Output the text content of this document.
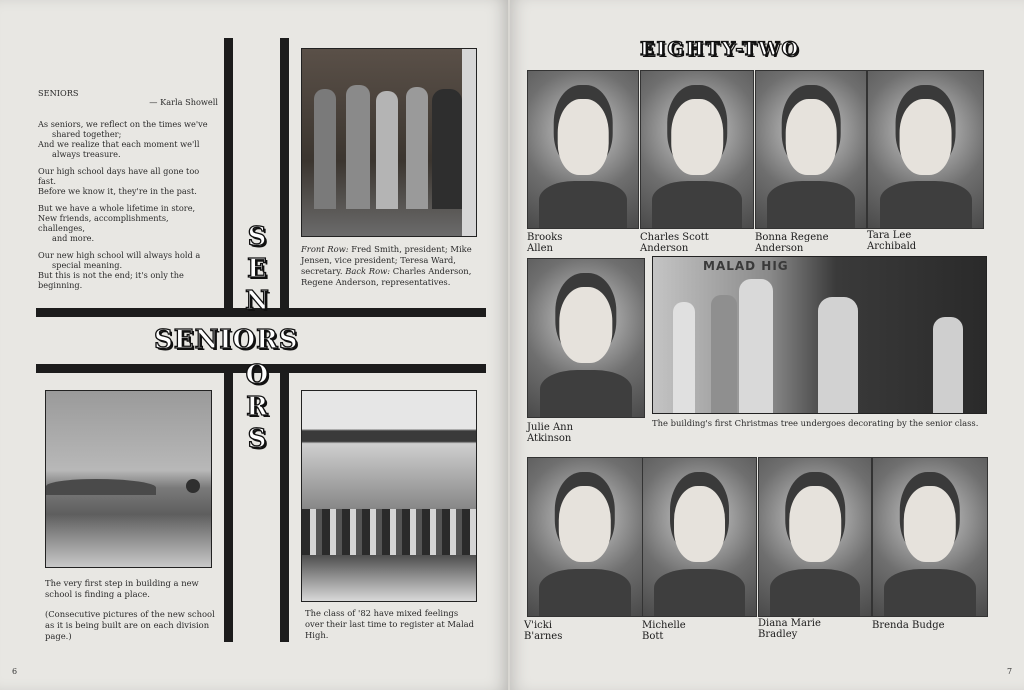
SENIORS
— Karla Showell

As seniors, we reflect on the times we've
shared together;
And we realize that each moment we'll
always treasure.

Our high school days have all gone too fast.
Before we know it, they're in the past.

But we have a whole lifetime in store,
New friends, accomplishments, challenges,
and more.

Our new high school will always hold a
special meaning.
But this is not the end; it's only the beginning.

Front Row: Fred Smith, president; Mike Jensen, vice president; Teresa Ward, secretary. Back Row: Charles Anderson, Regene Anderson, representatives.
S
E
N
O
R
S
SENIORS
The very first step in building a new school is finding a place.
(Consecutive pictures of the new school as it is being built are on each division page.)
The class of '82 have mixed feelings over their last time to register at Malad High.
6
EIGHTY-TWO
Brooks
Allen
Charles Scott
Anderson
Bonna Regene
Anderson
Tara Lee
Archibald
Julie Ann
Atkinson
MALAD HIG
The building's first Christmas tree undergoes decorating by the senior class.
V'icki
B'arnes
Michelle
Bott
Diana Marie
Bradley
Brenda Budge
7
